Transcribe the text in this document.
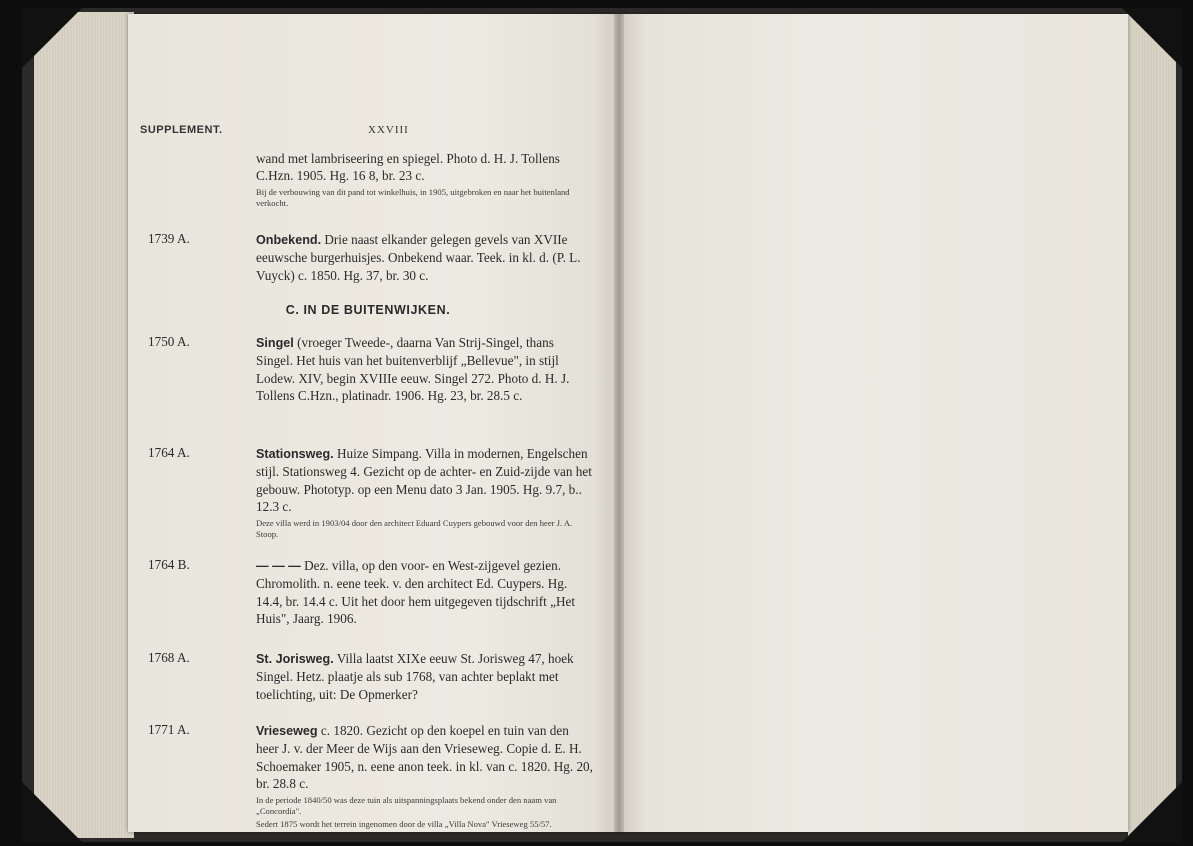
SUPPLEMENT.	XXVIII

wand met lambriseering en spiegel. Photo d. H. J. Tollens C.Hzn. 1905. Hg. 16 8, br. 23 c.

Bij de verbouwing van dit pand tot winkelhuis, in 1905, uitgebroken en naar het buitenland verkocht.
1739 A.	Onbekend. Drie naast elkander gelegen gevels van XVIIe eeuwsche burgerhuisjes. Onbekend waar. Teek. in kl. d. (P. L. Vuyck) c. 1850. Hg. 37, br. 30 c.
C. IN DE BUITENWIJKEN.
1750 A.	Singel (vroeger Tweede-, daarna Van Strij-Singel, thans Singel. Het huis van het buitenverblijf „Bellevue", in stijl Lodew. XIV, begin XVIIIe eeuw. Singel 272. Photo d. H. J. Tollens C.Hzn., platinadr. 1906. Hg. 23, br. 28.5 c.
1764 A.	Stationsweg. Huize Simpang. Villa in modernen, Engelschen stijl. Stationsweg 4. Gezicht op de achter- en Zuid-zijde van het gebouw. Phototyp. op een Menu dato 3 Jan. 1905. Hg. 9.7, b.. 12.3 c.
Deze villa werd in 1903/04 door den architect Eduard Cuypers gebouwd voor den heer J. A. Stoop.
1764 B.	— — — Dez. villa, op den voor- en West-zijgevel gezien. Chromolith. n. eene teek. v. den architect Ed. Cuypers. Hg. 14.4, br. 14.4 c. Uit het door hem uitgegeven tijdschrift „Het Huis", Jaarg. 1906.
1768 A.	St. Jorisweg. Villa laatst XIXe eeuw St. Jorisweg 47, hoek Singel. Hetz. plaatje als sub 1768, van achter beplakt met toelichting, uit: De Opmerker?
1771 A.	Vrieseweg c. 1820. Gezicht op den koepel en tuin van den heer J. v. der Meer de Wijs aan den Vrieseweg. Copie d. E. H. Schoemaker 1905, n. eene anon teek. in kl. van c. 1820. Hg. 20, br. 28.8 c.
In de periode 1840/50 was deze tuin als uitspanningsplaats bekend onder den naam van „Concordia".
Sedert 1875 wordt het terrein ingenomen door de villa „Villa Nova" Vrieseweg 55/57.
